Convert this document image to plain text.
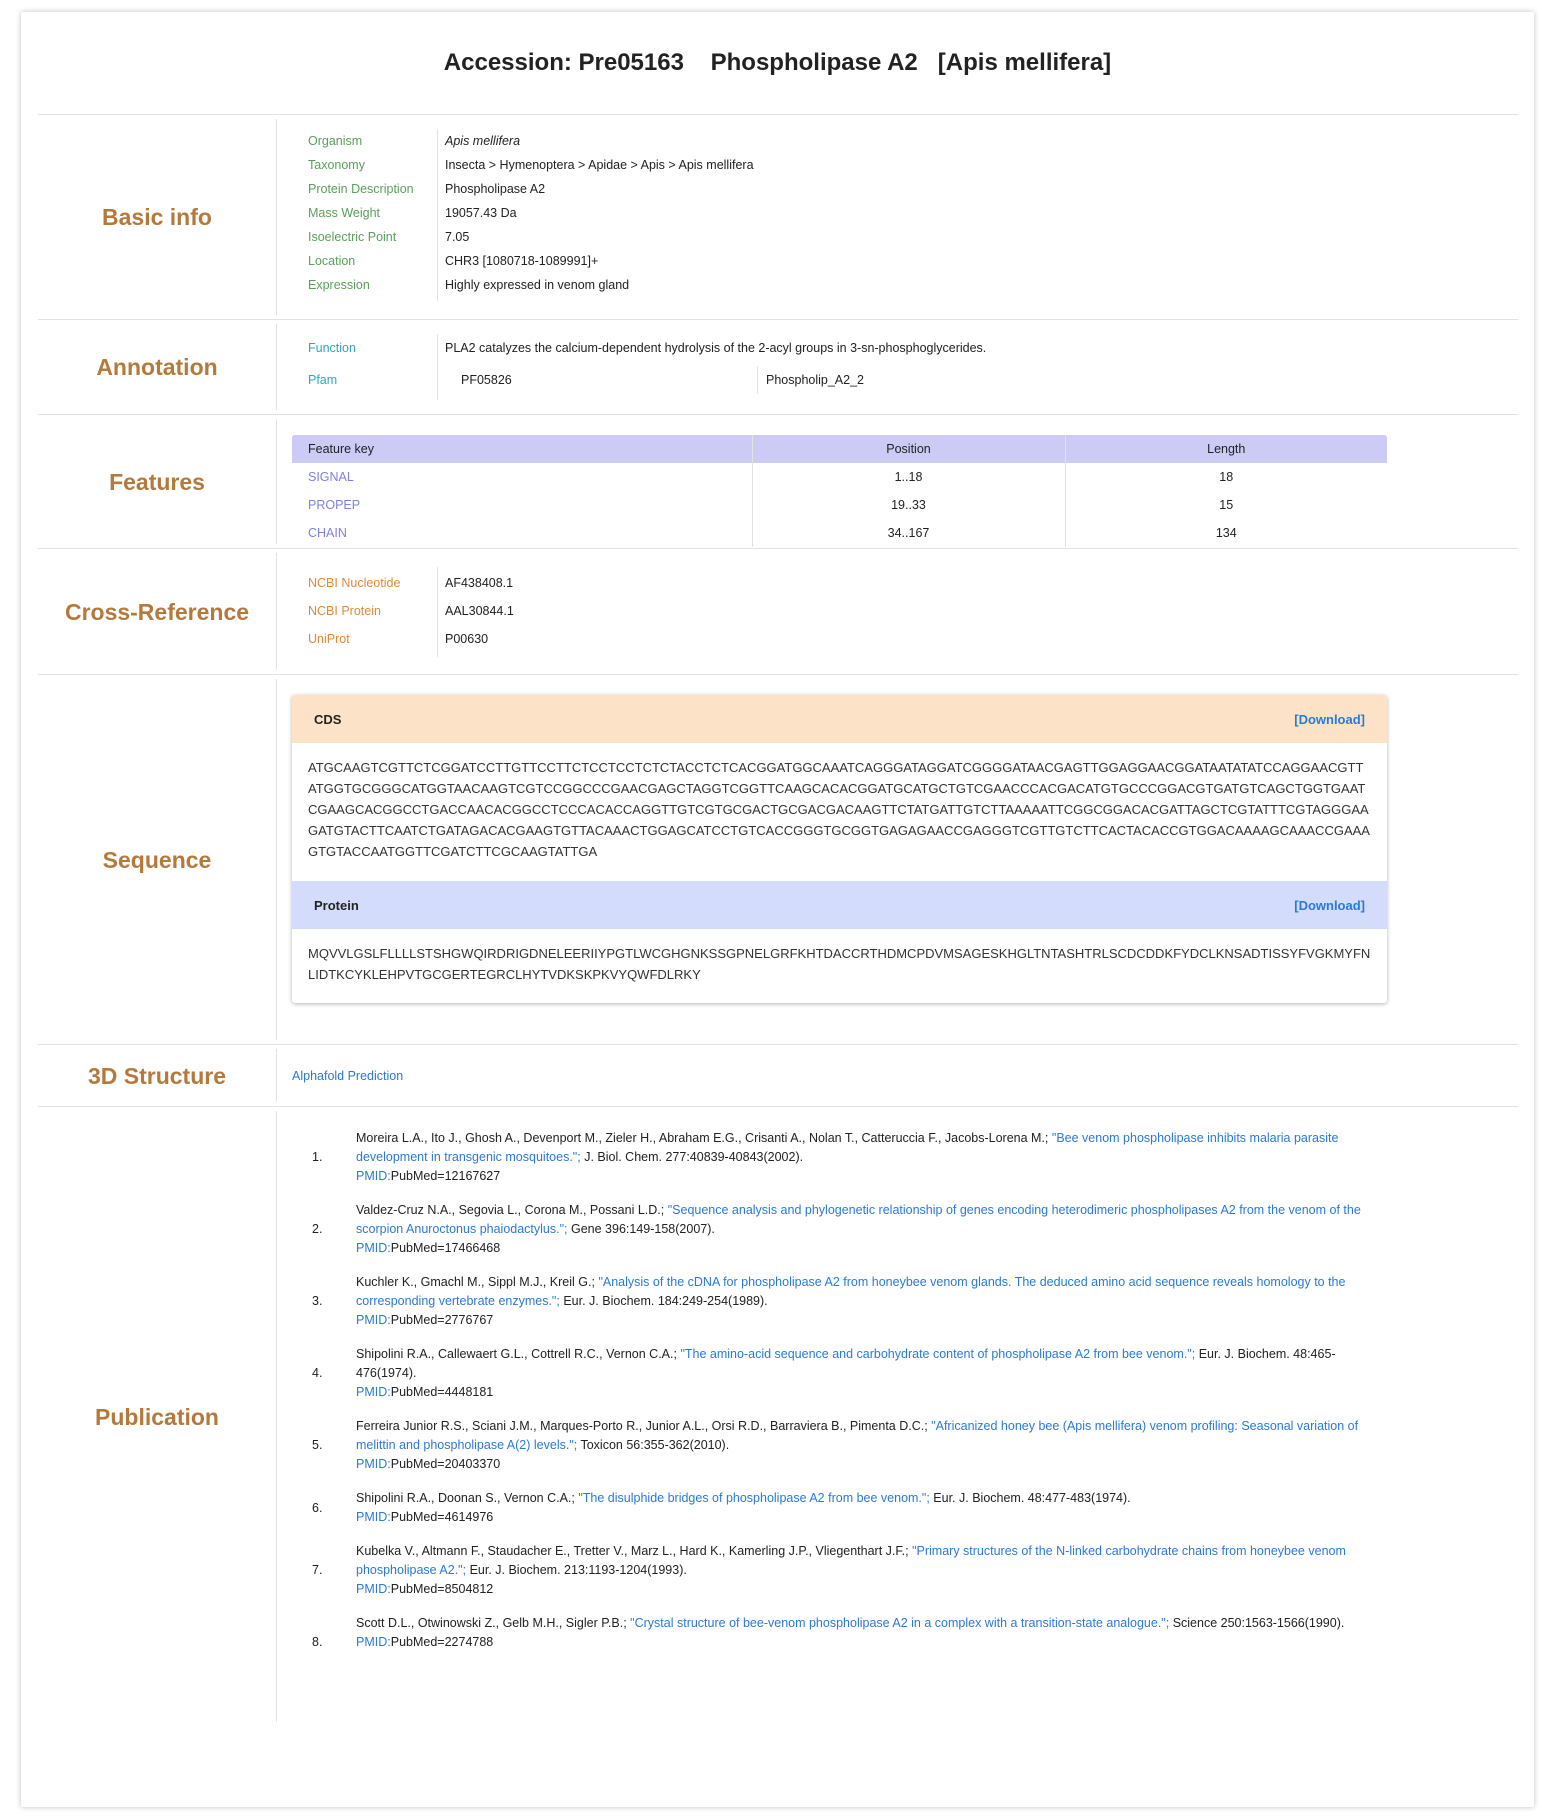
Accession: Pre05163
Phospholipase A2
[Apis mellifera]
Basic info
Organism	Apis mellifera
Taxonomy	Insecta > Hymenoptera > Apidae > Apis > Apis mellifera
Protein Description	Phospholipase A2
Mass Weight	19057.43 Da
Isoelectric Point	7.05
Location	CHR3 [1080718-1089991]+
Expression	Highly expressed in venom gland
Annotation
Function	PLA2 catalyzes the calcium-dependent hydrolysis of the 2-acyl groups in 3-sn-phosphoglycerides.
Pfam	PF05826	Phospholip_A2_2
Features
Feature key	Position	Length
SIGNAL	1..18	18
PROPEP	19..33	15
CHAIN	34..167	134
Cross-Reference
NCBI Nucleotide	AF438408.1
NCBI Protein	AAL30844.1
UniProt	P00630
Sequence
CDS	[Download]
ATGCAAGTCGTTCTCGGATCCTTGTTCCTTCTCCTCCTCTCTACCTCTCACGGATGGCAAATCAGGGATAGGATCGGGGATAACGAGTTGGAGGAACGGATAATATATCCAGGAACGTTATGGTGCGGGCATGGTAACAAGTCGTCCGGCCCGAACGAGCTAGGTCGGTTCAAGCACACGGATGCATGCTGTCGAACCCACGACATGTGCCCGGACGTGATGTCAGCTGGTGAATCGAAGCACGGCCTGACCAACACGGCCTCCCACACCAGGTTGTCGTGCGACTGCGACGACAAGTTCTATGATTGTCTTAAAAATTCGGCGGACACGATTAGCTCGTATTTCGTAGGGAAGATGTACTTCAATCTGATAGACACGAAGTGTTACAAACTGGAGCATCCTGTCACCGGGTGCGGTGAGAGAACCGAGGGTCGTTGTCTTCACTACACCGTGGACAAAAGCAAACCGAAAGTGTACCAATGGTTCGATCTTCGCAAGTATTGA
Protein	[Download]
MQVVLGSLFLLLLSTSHGWQIRDRIGDNELEERIIYPGTLWCGHGNKSSGPNELGRFKHTDACCRTHDMCPDVMSAGESKHGLTNTASHTRLSCDCDDKFYDCLKNSADTISSYFVGKMYFNLIDTKCYKLEHPVTGCGERTEGRCLHYTVDKSKPKVYQWFDLRKY
3D Structure	Alphafold Prediction
Publication
1.
Moreira L.A., Ito J., Ghosh A., Devenport M., Zieler H., Abraham E.G., Crisanti A., Nolan T., Catteruccia F., Jacobs-Lorena M.; "Bee venom phospholipase inhibits malaria parasite development in transgenic mosquitoes."; J. Biol. Chem. 277:40839-40843(2002).
PMID:PubMed=12167627
2.
Valdez-Cruz N.A., Segovia L., Corona M., Possani L.D.; "Sequence analysis and phylogenetic relationship of genes encoding heterodimeric phospholipases A2 from the venom of the scorpion Anuroctonus phaiodactylus."; Gene 396:149-158(2007).
PMID:PubMed=17466468
3.
Kuchler K., Gmachl M., Sippl M.J., Kreil G.; "Analysis of the cDNA for phospholipase A2 from honeybee venom glands. The deduced amino acid sequence reveals homology to the corresponding vertebrate enzymes."; Eur. J. Biochem. 184:249-254(1989).
PMID:PubMed=2776767
4.
Shipolini R.A., Callewaert G.L., Cottrell R.C., Vernon C.A.; "The amino-acid sequence and carbohydrate content of phospholipase A2 from bee venom."; Eur. J. Biochem. 48:465-476(1974).
PMID:PubMed=4448181
5.
Ferreira Junior R.S., Sciani J.M., Marques-Porto R., Junior A.L., Orsi R.D., Barraviera B., Pimenta D.C.; "Africanized honey bee (Apis mellifera) venom profiling: Seasonal variation of melittin and phospholipase A(2) levels."; Toxicon 56:355-362(2010).
PMID:PubMed=20403370
6.
Shipolini R.A., Doonan S., Vernon C.A.; "The disulphide bridges of phospholipase A2 from bee venom."; Eur. J. Biochem. 48:477-483(1974).
PMID:PubMed=4614976
7.
Kubelka V., Altmann F., Staudacher E., Tretter V., Marz L., Hard K., Kamerling J.P., Vliegenthart J.F.; "Primary structures of the N-linked carbohydrate chains from honeybee venom phospholipase A2."; Eur. J. Biochem. 213:1193-1204(1993).
PMID:PubMed=8504812
8.
Scott D.L., Otwinowski Z., Gelb M.H., Sigler P.B.; "Crystal structure of bee-venom phospholipase A2 in a complex with a transition-state analogue."; Science 250:1563-1566(1990).
PMID:PubMed=2274788
